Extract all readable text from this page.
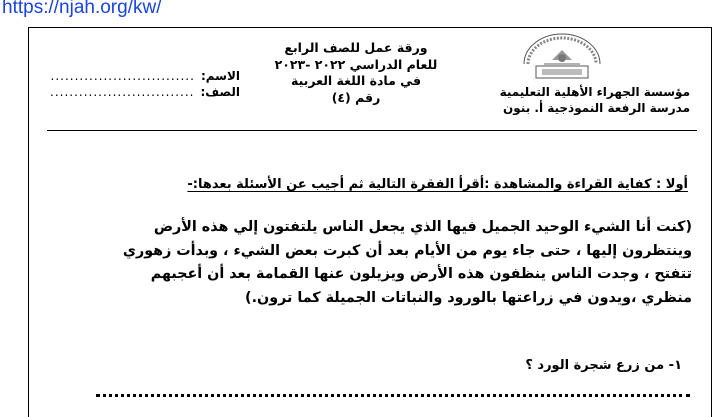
https://njah.org/kw/
مؤسسة الجهراء الأهلية التعليمية
مدرسة الرفعة النموذجية أ. بنون
ورقة عمل للصف الرابع
للعام الدراسي ٢٠٢٢ -٢٠٢٣
في مادة اللغة العربية
رقم (٤)
الاسم:
..............................
الصف:
..............................
أولا : كفاية القراءة والمشاهدة :أقرأ الفقرة التالية ثم أجيب عن الأسئلة بعدها:-

(كنت أنا الشيء الوحيد الجميل فيها الذي يجعل الناس يلتفتون إلي هذه الأرض

وينتظرون إليها ، حتى جاء يوم من الأيام بعد أن كبرت بعض الشيء ، وبدأت زهوري

تتفتح ، وجدت الناس ينظفون هذه الأرض ويزيلون عنها القمامة بعد أن أعجبهم

منظري ،ويدون في زراعتها بالورود والنباتات الجميلة كما ترون.)

١- من زرع شجرة الورد ؟
